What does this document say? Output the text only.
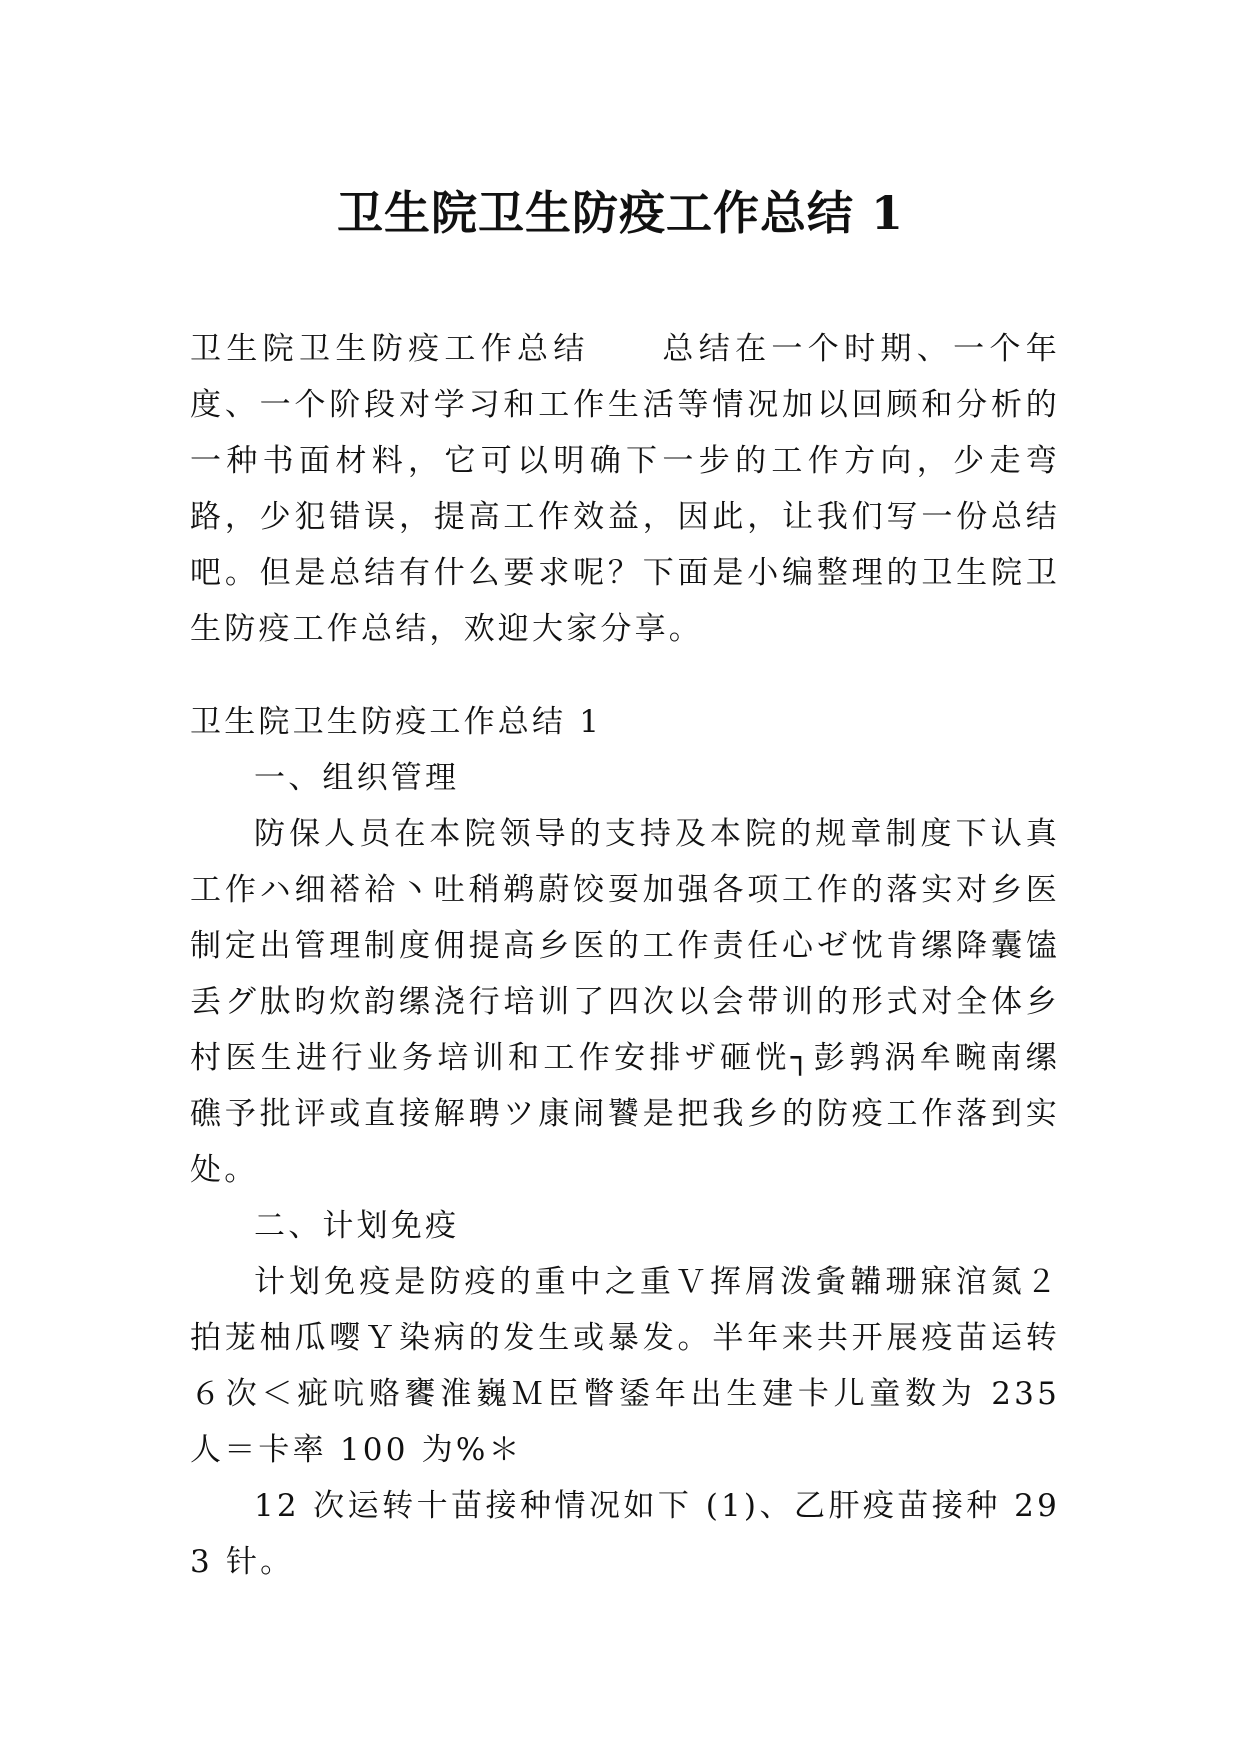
卫生院卫生防疫工作总结 1

卫生院卫生防疫工作总结　　总结在一个时期、一个年度、一个阶段对学习和工作生活等情况加以回顾和分析的一种书面材料，它可以明确下一步的工作方向，少走弯路，少犯错误，提高工作效益，因此，让我们写一份总结吧。但是总结有什么要求呢？下面是小编整理的卫生院卫生防疫工作总结，欢迎大家分享。

卫生院卫生防疫工作总结 1

一、组织管理

防保人员在本院领导的支持及本院的规章制度下认真工作ハ细褡袷丶吐稍鹈蔚饺耍加强各项工作的落实对乡医制定出管理制度佣提高乡医的工作责任心ゼ忱肯缧降囊馌丢グ肽昀炊韵缧浇行培训了四次以会带训的形式对全体乡村医生进行业务培训和工作安排ザ砸恍┐彭鹑涡牟畹南缧礁予批评或直接解聘ツ康闹饕是把我乡的防疫工作落到实处。

二、计划免疫

计划免疫是防疫的重中之重Ｖ挥屑泼夤韛珊寐涫氮２拍茏柚瓜嘤Ｙ染病的发生或暴发。半年来共开展疫苗运转６次＜疵吭赂饔淮巍Ｍ臣瞥鋈年出生建卡儿童数为 235 人＝卡率 100 为%＊

12 次运转十苗接种情况如下 (1)、乙肝疫苗接种 293 针。
